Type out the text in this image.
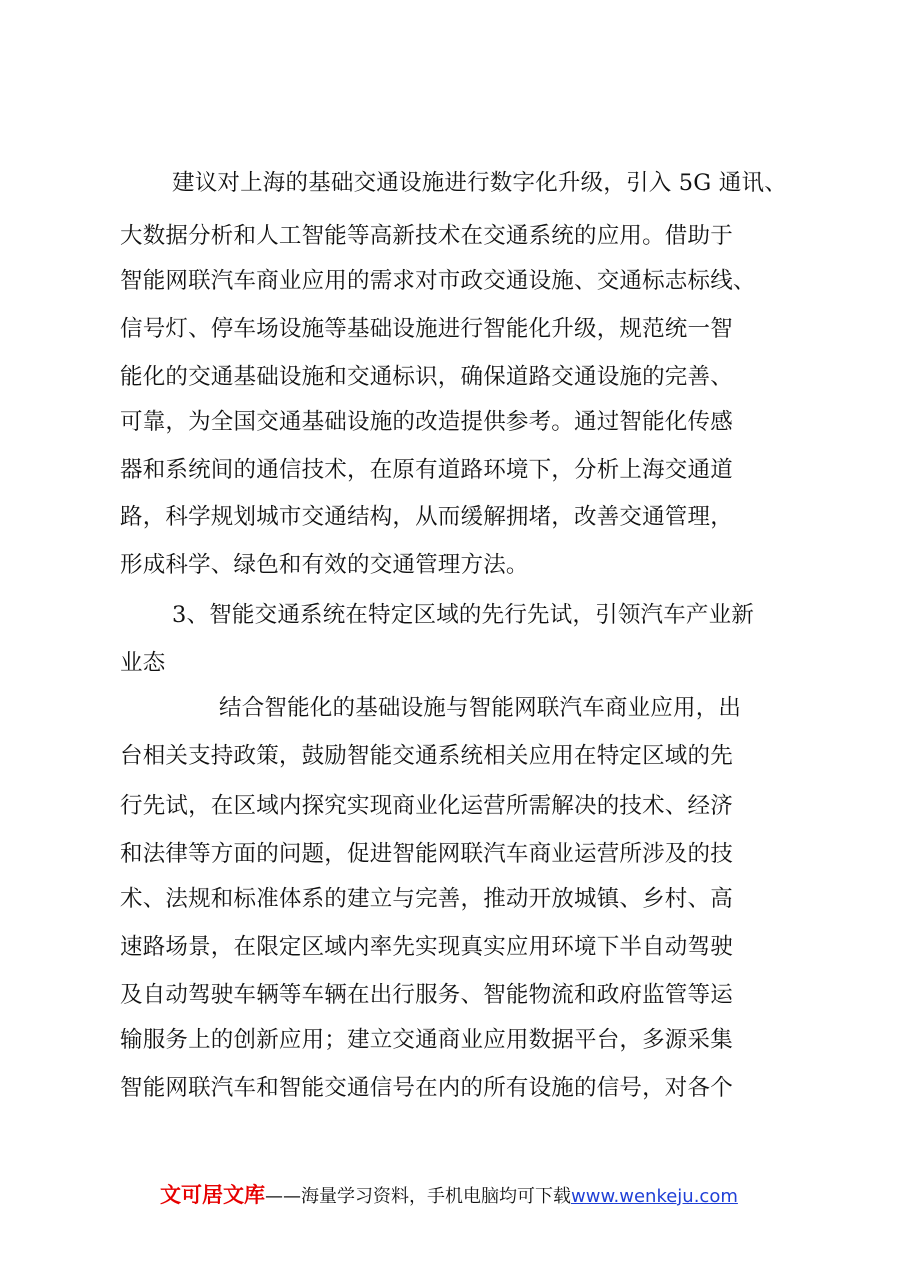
建议对上海的基础交通设施进行数字化升级，引入 5G 通讯、
大数据分析和人工智能等高新技术在交通系统的应用。借助于
智能网联汽车商业应用的需求对市政交通设施、交通标志标线、
信号灯、停车场设施等基础设施进行智能化升级，规范统一智
能化的交通基础设施和交通标识，确保道路交通设施的完善、
可靠，为全国交通基础设施的改造提供参考。通过智能化传感
器和系统间的通信技术，在原有道路环境下，分析上海交通道
路，科学规划城市交通结构，从而缓解拥堵，改善交通管理，
形成科学、绿色和有效的交通管理方法。
3、智能交通系统在特定区域的先行先试，引领汽车产业新
业态
结合智能化的基础设施与智能网联汽车商业应用，出
台相关支持政策，鼓励智能交通系统相关应用在特定区域的先
行先试，在区域内探究实现商业化运营所需解决的技术、经济
和法律等方面的问题，促进智能网联汽车商业运营所涉及的技
术、法规和标准体系的建立与完善，推动开放城镇、乡村、高
速路场景，在限定区域内率先实现真实应用环境下半自动驾驶
及自动驾驶车辆等车辆在出行服务、智能物流和政府监管等运
输服务上的创新应用；建立交通商业应用数据平台，多源采集
智能网联汽车和智能交通信号在内的所有设施的信号，对各个
文可居文库——海量学习资料，手机电脑均可下载www.wenkeju.com
